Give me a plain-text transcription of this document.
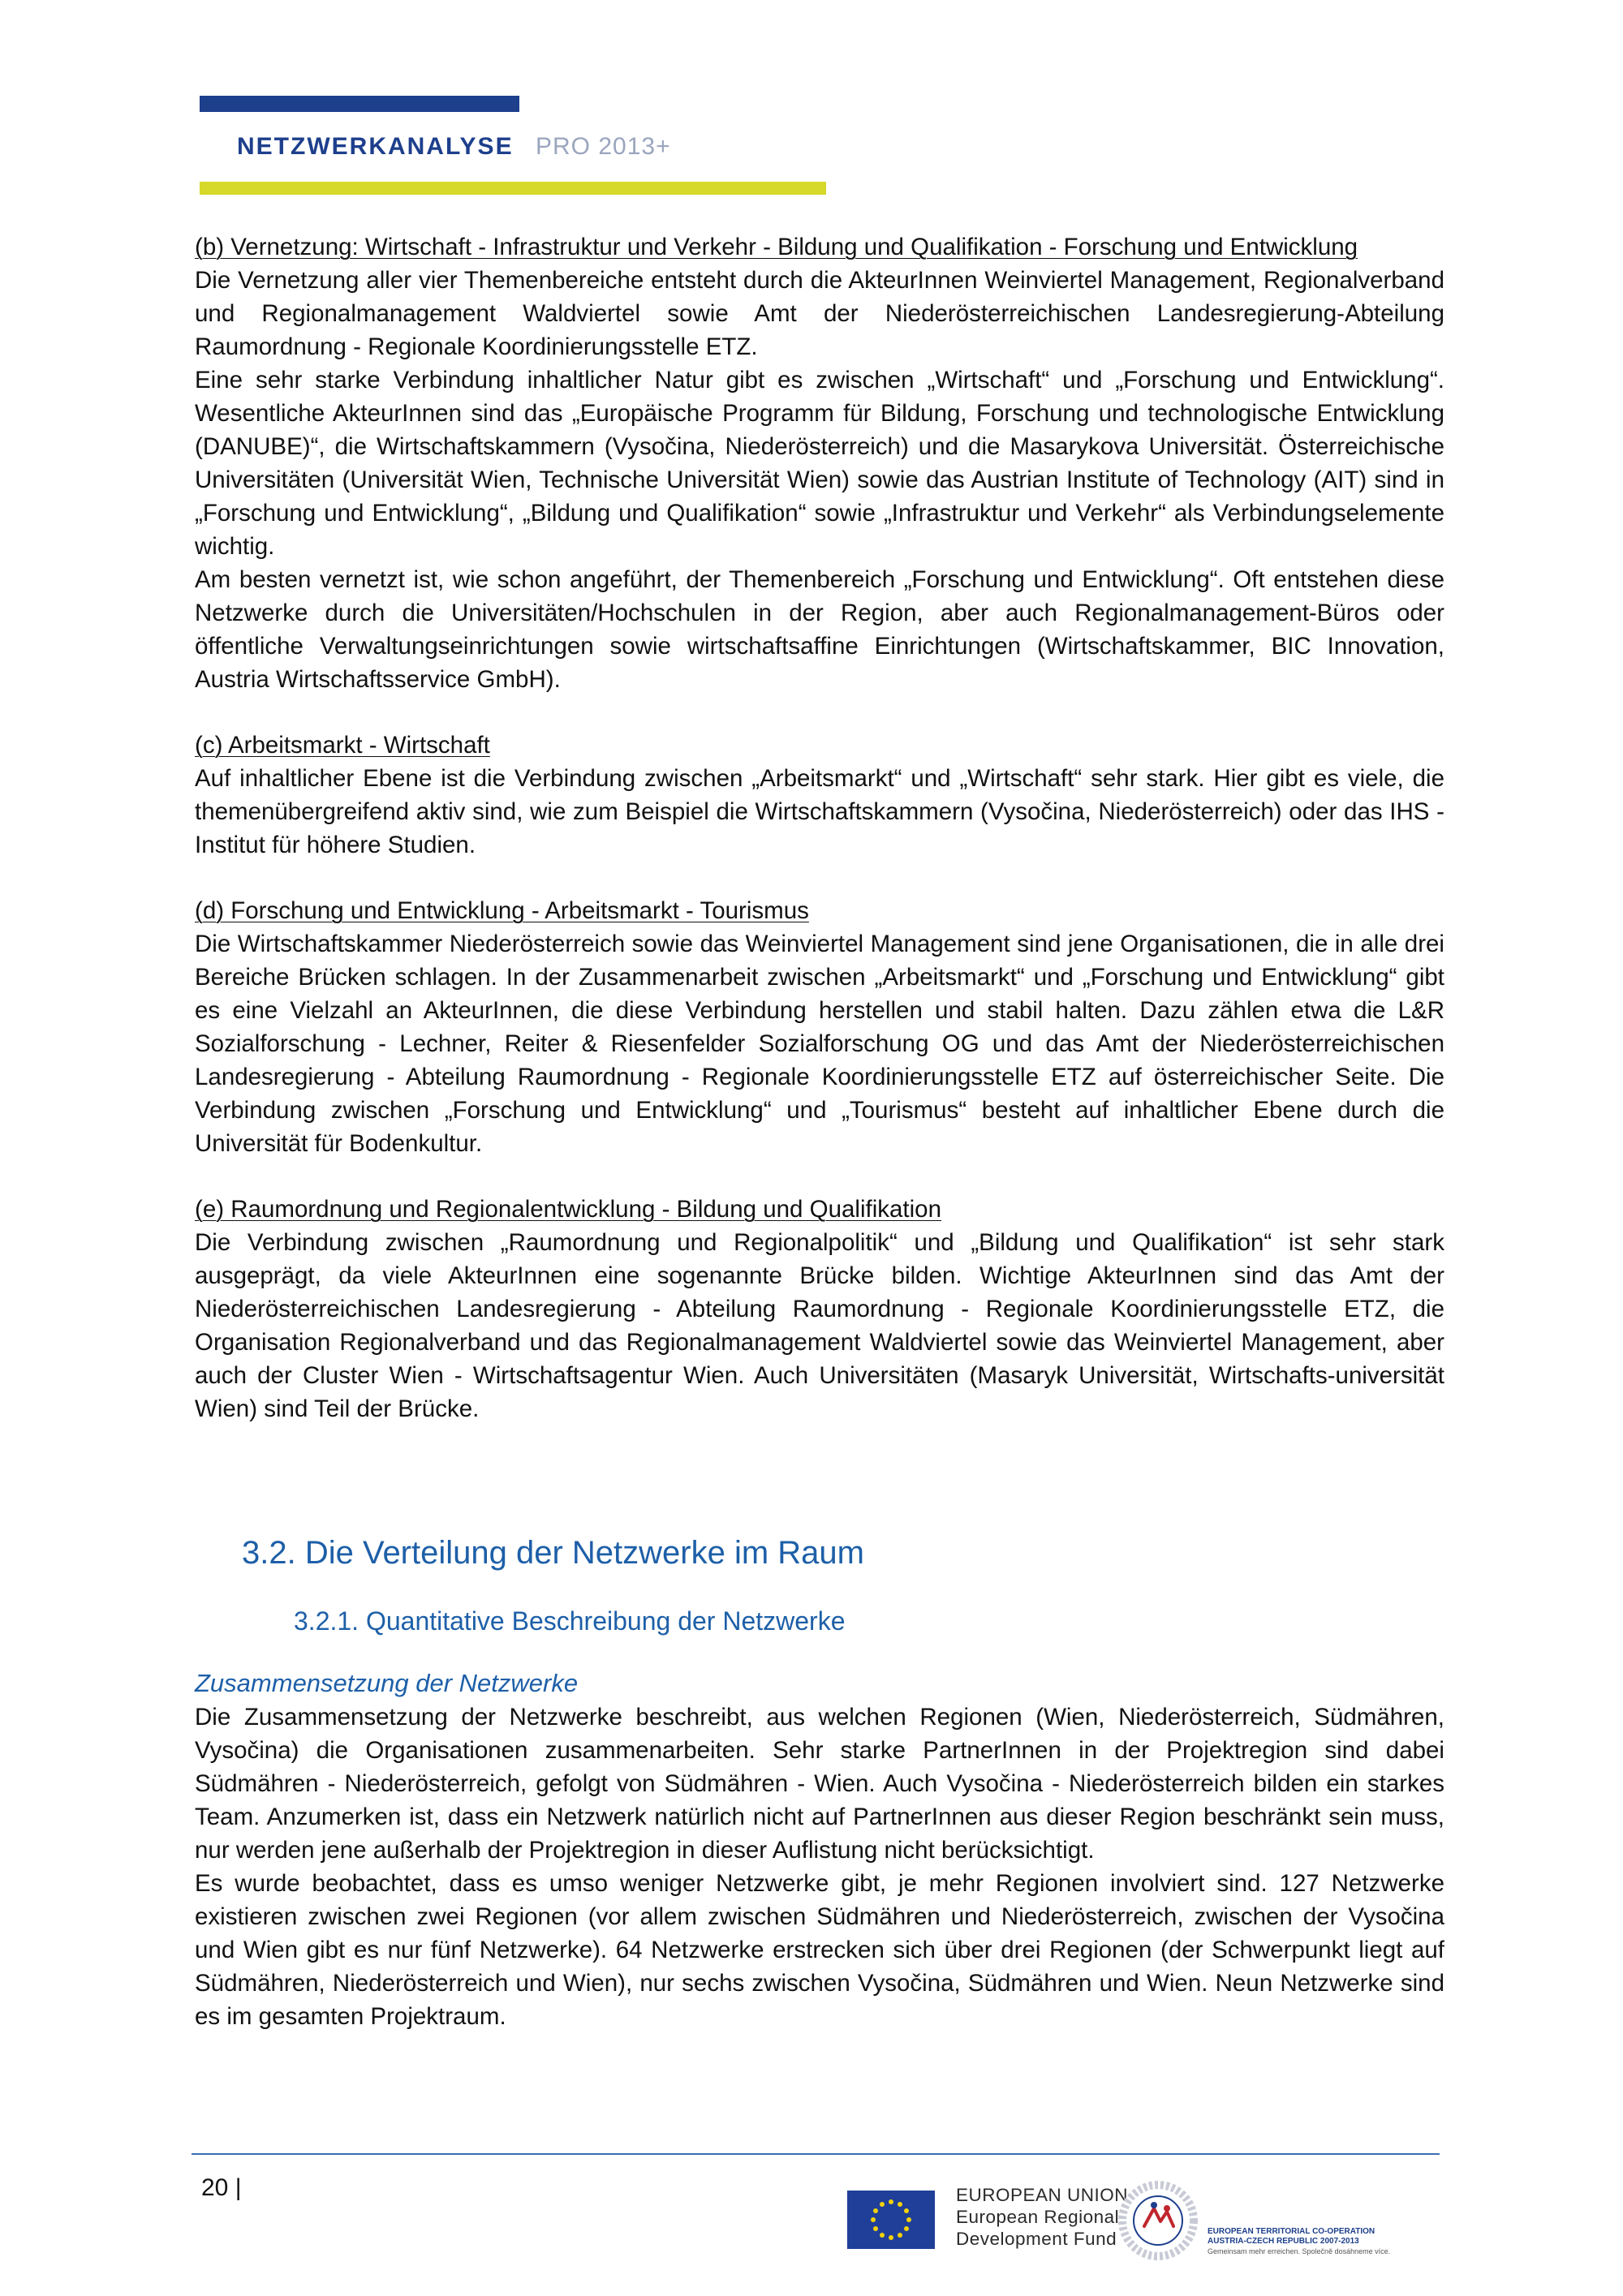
NETZWERKANALYSE PRO 2013+

(b) Vernetzung: Wirtschaft - Infrastruktur und Verkehr - Bildung und Qualifikation - Forschung und Entwicklung

Die Vernetzung aller vier Themenbereiche entsteht durch die AkteurInnen Weinviertel Management, Regionalverband und Regionalmanagement Waldviertel sowie Amt der Niederösterreichischen Landesregierung-Abteilung Raumordnung - Regionale Koordinierungsstelle ETZ.

Eine sehr starke Verbindung inhaltlicher Natur gibt es zwischen „Wirtschaft“ und „Forschung und Entwicklung“. Wesentliche AkteurInnen sind das „Europäische Programm für Bildung, Forschung und technologische Entwicklung (DANUBE)“, die Wirtschaftskammern (Vysočina, Niederösterreich) und die Masarykova Universität. Österreichische Universitäten (Universität Wien, Technische Universität Wien) sowie das Austrian Institute of Technology (AIT) sind in „Forschung und Entwicklung“, „Bildung und Qualifikation“ sowie „Infrastruktur und Verkehr“ als Verbindungselemente wichtig.

Am besten vernetzt ist, wie schon angeführt, der Themenbereich „Forschung und Entwicklung“. Oft entstehen diese Netzwerke durch die Universitäten/Hochschulen in der Region, aber auch Regionalmanagement-Büros oder öffentliche Verwaltungseinrichtungen sowie wirtschaftsaffine Einrichtungen (Wirtschaftskammer, BIC Innovation, Austria Wirtschaftsservice GmbH).

(c) Arbeitsmarkt - Wirtschaft

Auf inhaltlicher Ebene ist die Verbindung zwischen „Arbeitsmarkt“ und „Wirtschaft“ sehr stark. Hier gibt es viele, die themenübergreifend aktiv sind, wie zum Beispiel die Wirtschaftskammern (Vysočina, Niederösterreich) oder das IHS - Institut für höhere Studien.

(d) Forschung und Entwicklung - Arbeitsmarkt - Tourismus

Die Wirtschaftskammer Niederösterreich sowie das Weinviertel Management sind jene Organisationen, die in alle drei Bereiche Brücken schlagen. In der Zusammenarbeit zwischen „Arbeitsmarkt“ und „Forschung und Entwicklung“ gibt es eine Vielzahl an AkteurInnen, die diese Verbindung herstellen und stabil halten. Dazu zählen etwa die L&R Sozialforschung - Lechner, Reiter & Riesenfelder Sozialforschung OG und das Amt der Niederösterreichischen Landesregierung - Abteilung Raumordnung - Regionale Koordinierungsstelle ETZ auf österreichischer Seite. Die Verbindung zwischen „Forschung und Entwicklung“ und „Tourismus“ besteht auf inhaltlicher Ebene durch die Universität für Bodenkultur.

(e) Raumordnung und Regionalentwicklung - Bildung und Qualifikation

Die Verbindung zwischen „Raumordnung und Regionalpolitik“ und „Bildung und Qualifikation“ ist sehr stark ausgeprägt, da viele AkteurInnen eine sogenannte Brücke bilden. Wichtige AkteurInnen sind das Amt der Niederösterreichischen Landesregierung - Abteilung Raumordnung - Regionale Koordinierungsstelle ETZ, die Organisation Regionalverband und das Regionalmanagement Waldviertel sowie das Weinviertel Management, aber auch der Cluster Wien - Wirtschaftsagentur Wien. Auch Universitäten (Masaryk Universität, Wirtschafts-universität Wien) sind Teil der Brücke.

3.2. Die Verteilung der Netzwerke im Raum
3.2.1. Quantitative Beschreibung der Netzwerke

Zusammensetzung der Netzwerke

Die Zusammensetzung der Netzwerke beschreibt, aus welchen Regionen (Wien, Niederösterreich, Südmähren, Vysočina) die Organisationen zusammenarbeiten. Sehr starke PartnerInnen in der Projektregion sind dabei Südmähren - Niederösterreich, gefolgt von Südmähren - Wien. Auch Vysočina - Niederösterreich bilden ein starkes Team. Anzumerken ist, dass ein Netzwerk natürlich nicht auf PartnerInnen aus dieser Region beschränkt sein muss, nur werden jene außerhalb der Projektregion in dieser Auflistung nicht berücksichtigt.

Es wurde beobachtet, dass es umso weniger Netzwerke gibt, je mehr Regionen involviert sind. 127 Netzwerke existieren zwischen zwei Regionen (vor allem zwischen Südmähren und Niederösterreich, zwischen der Vysočina und Wien gibt es nur fünf Netzwerke). 64 Netzwerke erstrecken sich über drei Regionen (der Schwerpunkt liegt auf Südmähren, Niederösterreich und Wien), nur sechs zwischen Vysočina, Südmähren und Wien. Neun Netzwerke sind es im gesamten Projektraum.

20 |	EUROPEAN UNION
European Regional
Development Fund	EUROPEAN TERRITORIAL CO-OPERATION
AUSTRIA-CZECH REPUBLIC 2007-2013
Gemeinsam mehr erreichen. Společně dosáhneme více.
